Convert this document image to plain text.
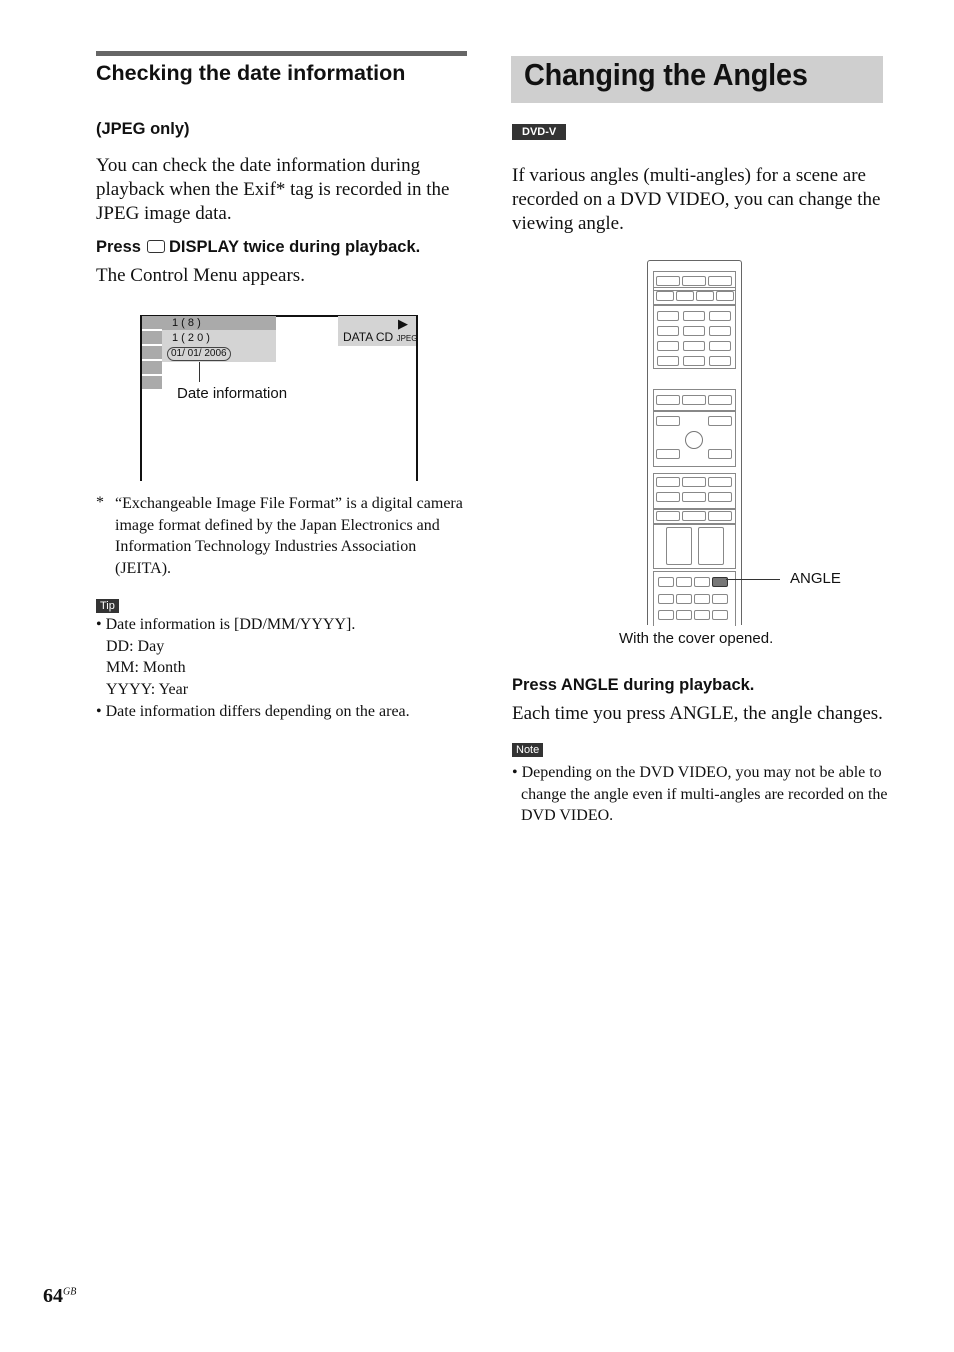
Checking the date information
(JPEG only)
You can check the date information during playback when the Exif* tag is recorded in the JPEG image data.
Press DISPLAY twice during playback.
The Control Menu appears.
1 ( 8 )
1 ( 2 0 )
01/ 01/ 2006
▶
DATA CD JPEG
Date information
* “Exchangeable Image File Format” is a digital camera image format defined by the Japan Electronics and Information Technology Industries Association (JEITA).
Tip
• Date information is [DD/MM/YYYY].
DD: Day
MM: Month
YYYY: Year
• Date information differs depending on the area.
Changing the Angles
DVD-V
If various angles (multi-angles) for a scene are recorded on a DVD VIDEO, you can change the viewing angle.
ANGLE
With the cover opened.
Press ANGLE during playback.
Each time you press ANGLE, the angle changes.
Note
• Depending on the DVD VIDEO, you may not be able to change the angle even if multi-angles are recorded on the DVD VIDEO.
$64^{GB}$
